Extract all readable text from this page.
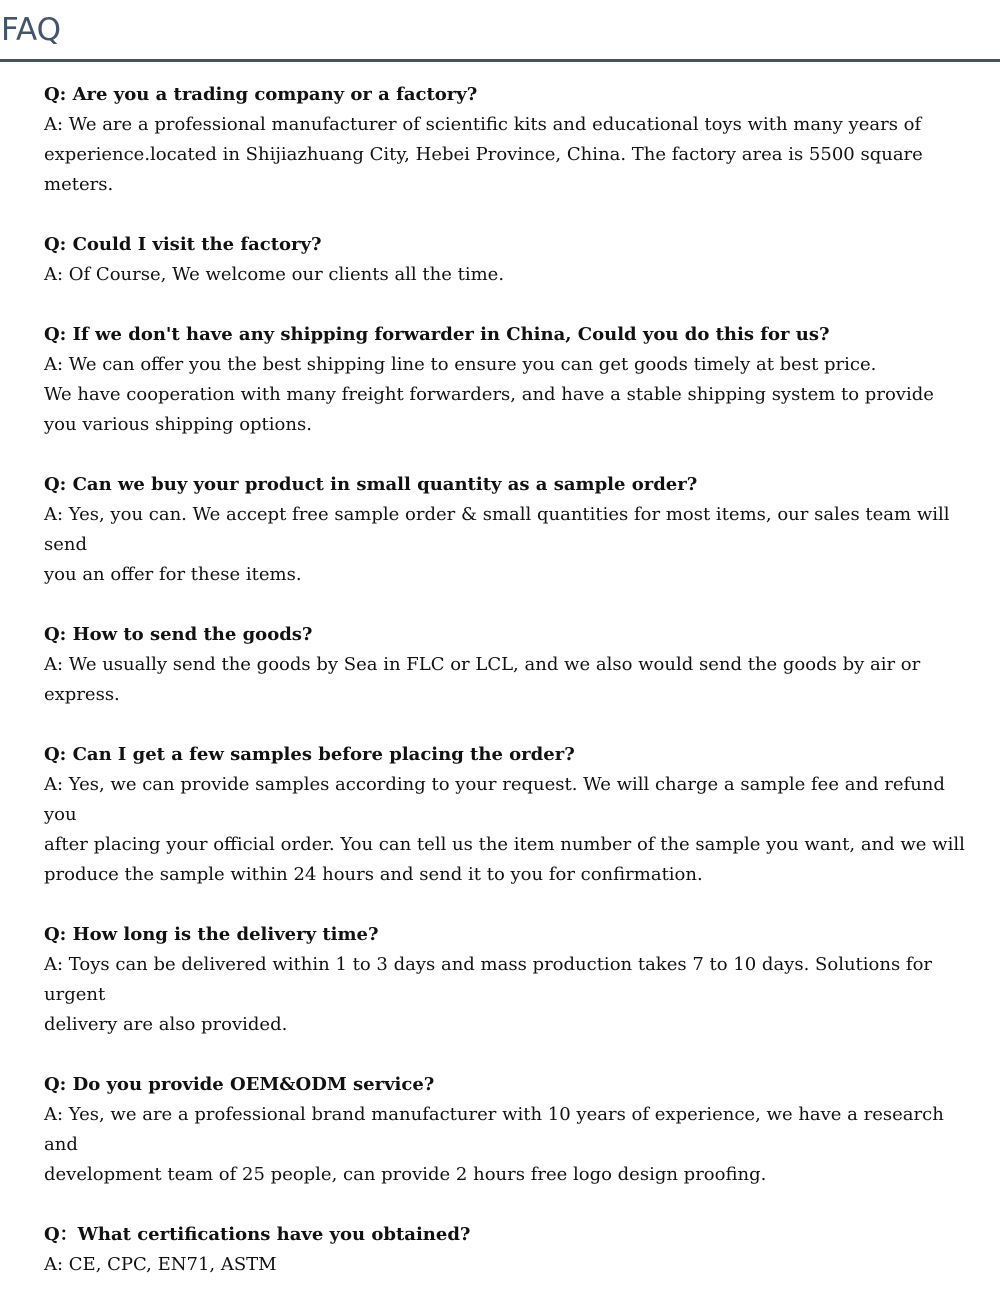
FAQ

Q: Are you a trading company or a factory?

A: We are a professional manufacturer of scientific kits and educational toys with many years of
experience.located in Shijiazhuang City, Hebei Province, China. The factory area is 5500 square meters.

Q: Could I visit the factory?

A: Of Course, We welcome our clients all the time.

Q: If we don't have any shipping forwarder in China, Could you do this for us?

A: We can offer you the best shipping line to ensure you can get goods timely at best price.
We have cooperation with many freight forwarders, and have a stable shipping system to provide
you various shipping options.

Q: Can we buy your product in small quantity as a sample order?

A: Yes, you can. We accept free sample order & small quantities for most items, our sales team will send
you an offer for these items.

Q: How to send the goods?

A: We usually send the goods by Sea in FLC or LCL, and we also would send the goods by air or express.

Q: Can I get a few samples before placing the order?

A: Yes, we can provide samples according to your request. We will charge a sample fee and refund you
after placing your official order. You can tell us the item number of the sample you want, and we will
produce the sample within 24 hours and send it to you for confirmation.

Q: How long is the delivery time?

A: Toys can be delivered within 1 to 3 days and mass production takes 7 to 10 days. Solutions for urgent
delivery are also provided.

Q: Do you provide OEM&ODM service?

A: Yes, we are a professional brand manufacturer with 10 years of experience, we have a research and
development team of 25 people, can provide 2 hours free logo design proofing.

Q：What certifications have you obtained?

A: CE, CPC, EN71, ASTM
